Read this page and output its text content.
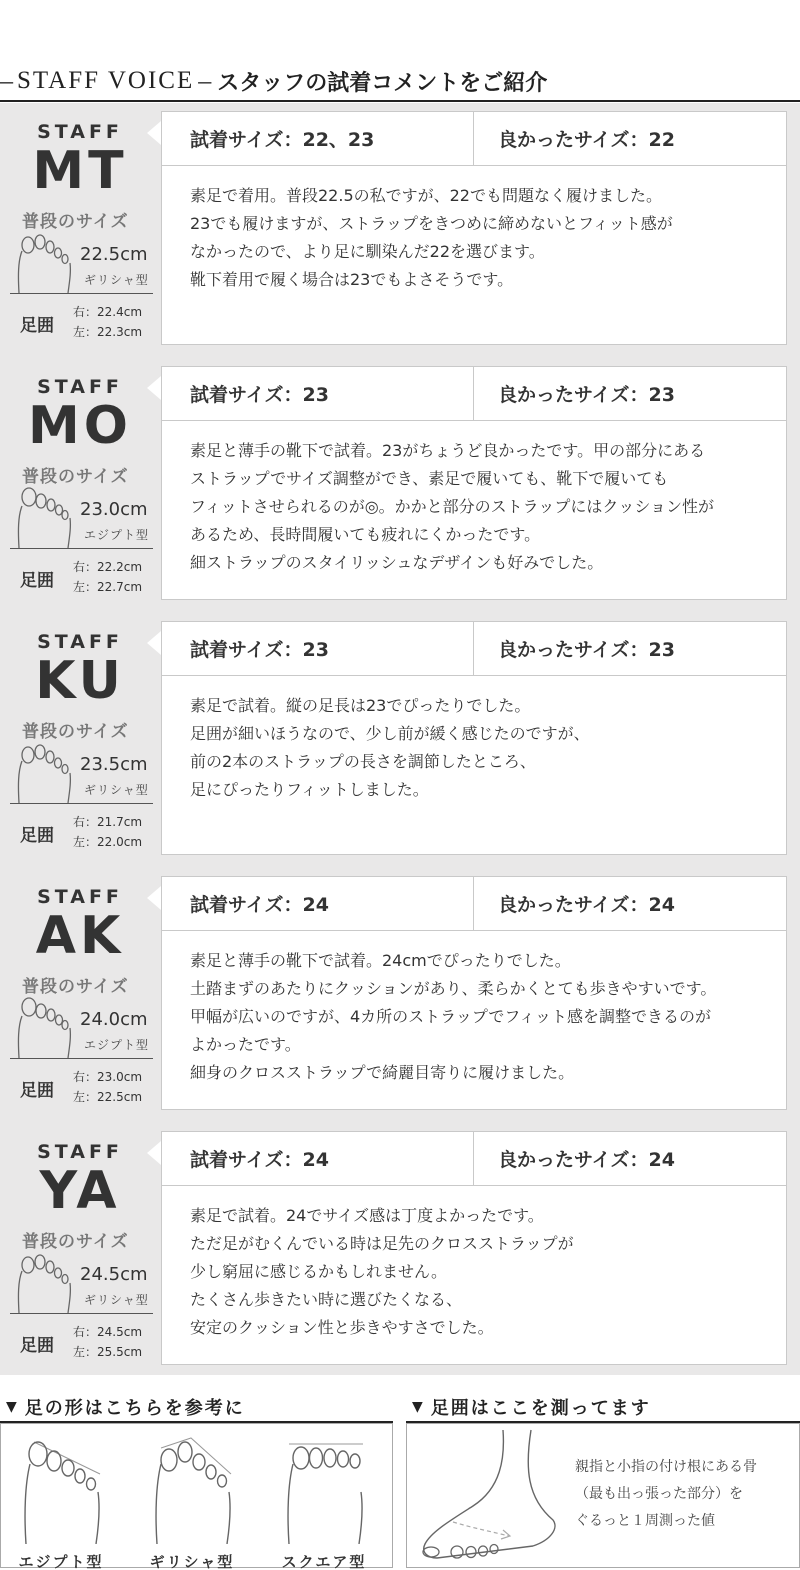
– STAFF VOICE – スタッフの試着コメントをご紹介
STAFF
MT
普段のサイズ
22.5cm
ギリシャ型
足囲
右：22.4cm
左：22.3cm
試着サイズ：22、23	良かったサイズ：22

素足で着用。普段22.5の私ですが、22でも問題なく履けました。

23でも履けますが、ストラップをきつめに締めないとフィット感が

なかったので、より足に馴染んだ22を選びます。

靴下着用で履く場合は23でもよさそうです。

STAFF
MO
普段のサイズ
23.0cm
エジプト型
足囲
右：22.2cm
左：22.7cm
試着サイズ：23	良かったサイズ：23

素足と薄手の靴下で試着。23がちょうど良かったです。甲の部分にある

ストラップでサイズ調整ができ、素足で履いても、靴下で履いても

フィットさせられるのが◎。かかと部分のストラップにはクッション性が

あるため、長時間履いても疲れにくかったです。

細ストラップのスタイリッシュなデザインも好みでした。

STAFF
KU
普段のサイズ
23.5cm
ギリシャ型
足囲
右：21.7cm
左：22.0cm
試着サイズ：23	良かったサイズ：23

素足で試着。縦の足長は23でぴったりでした。

足囲が細いほうなので、少し前が緩く感じたのですが、

前の2本のストラップの長さを調節したところ、

足にぴったりフィットしました。

STAFF
AK
普段のサイズ
24.0cm
エジプト型
足囲
右：23.0cm
左：22.5cm
試着サイズ：24	良かったサイズ：24

素足と薄手の靴下で試着。24cmでぴったりでした。

土踏まずのあたりにクッションがあり、柔らかくとても歩きやすいです。

甲幅が広いのですが、4カ所のストラップでフィット感を調整できるのが

よかったです。

細身のクロスストラップで綺麗目寄りに履けました。

STAFF
YA
普段のサイズ
24.5cm
ギリシャ型
足囲
右：24.5cm
左：25.5cm
試着サイズ：24	良かったサイズ：24

素足で試着。24でサイズ感は丁度よかったです。

ただ足がむくんでいる時は足先のクロスストラップが

少し窮屈に感じるかもしれません。

たくさん歩きたい時に選びたくなる、

安定のクッション性と歩きやすさでした。

▼ 足の形はこちらを参考に
エジプト型	ギリシャ型	スクエア型
▼ 足囲はここを測ってます
親指と小指の付け根にある骨
（最も出っ張った部分）を
ぐるっと１周測った値
